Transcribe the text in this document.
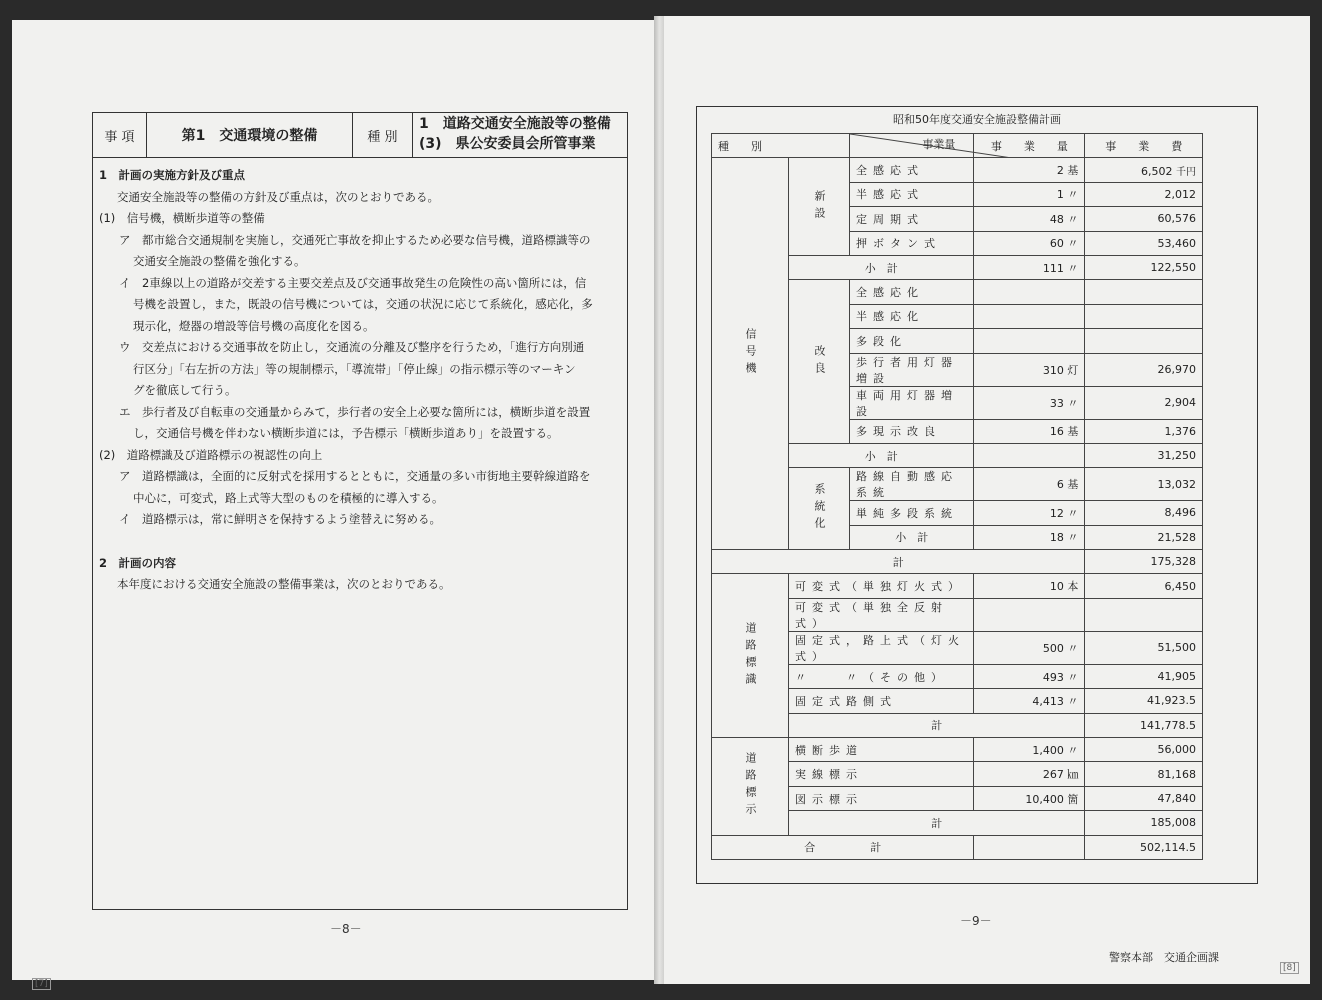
事 項	第1　交通環境の整備	種 別
1　道路交通安全施設等の整備
(3)　県公安委員会所管事業

1　計画の実施方針及び重点

交通安全施設等の整備の方針及び重点は，次のとおりである。

(1)　信号機，横断歩道等の整備

ア　都市総合交通規制を実施し，交通死亡事故を抑止するため必要な信号機，道路標識等の

交通安全施設の整備を強化する。

イ　2車線以上の道路が交差する主要交差点及び交通事故発生の危険性の高い箇所には，信

号機を設置し，また，既設の信号機については，交通の状況に応じて系統化，感応化，多

現示化，燈器の増設等信号機の高度化を図る。

ウ　交差点における交通事故を防止し，交通流の分離及び整序を行うため，「進行方向別通

行区分」「右左折の方法」等の規制標示，「導流帯」「停止線」の指示標示等のマーキン

グを徹底して行う。

エ　歩行者及び自転車の交通量からみて，歩行者の安全上必要な箇所には，横断歩道を設置

し，交通信号機を伴わない横断歩道には，予告標示「横断歩道あり」を設置する。

(2)　道路標識及び道路標示の視認性の向上

ア　道路標識は，全面的に反射式を採用するとともに，交通量の多い市街地主要幹線道路を

中心に，可変式，路上式等大型のものを積極的に導入する。

イ　道路標示は，常に鮮明さを保持するよう塗替えに努める。

2　計画の内容

本年度における交通安全施設の整備事業は，次のとおりである。

－8－
[7]
昭和50年度交通安全施設整備計画
種　　別		事業量	事　　業　　量	事　　業　　費
信号機	新設	全感応式	2 基	6,502 千円
		半感応式	1 〃	2,012
		定周期式	48 〃	60,576
		押ボタン式	60 〃	53,460
	小　計		111 〃	122,550
	改良	全感応化		
		半感応化		
		多段化		
		歩行者用灯器増設	310 灯	26,970
		車両用灯器増設	33 〃	2,904
		多現示改良	16 基	1,376
	小　計			31,250
	系統化	路線自動感応系統	6 基	13,032
		単純多段系統	12 〃	8,496
		小　計	18 〃	21,528
計				175,328
道路標識	可変式（単独灯火式）		10 本	6,450
	可変式（単独全反射式）			
	固定式，路上式（灯火式）		500 〃	51,500
	〃　　〃（その他）		493 〃	41,905
	固定式路側式		4,413 〃	41,923.5
	計			141,778.5
道路標示	横断歩道		1,400 〃	56,000
	実線標示		267 ㎞	81,168
	図示標示		10,400 箇	47,840
	計			185,008
合　　　　　計				502,114.5
警察本部　交通企画課
－9－
[8]
